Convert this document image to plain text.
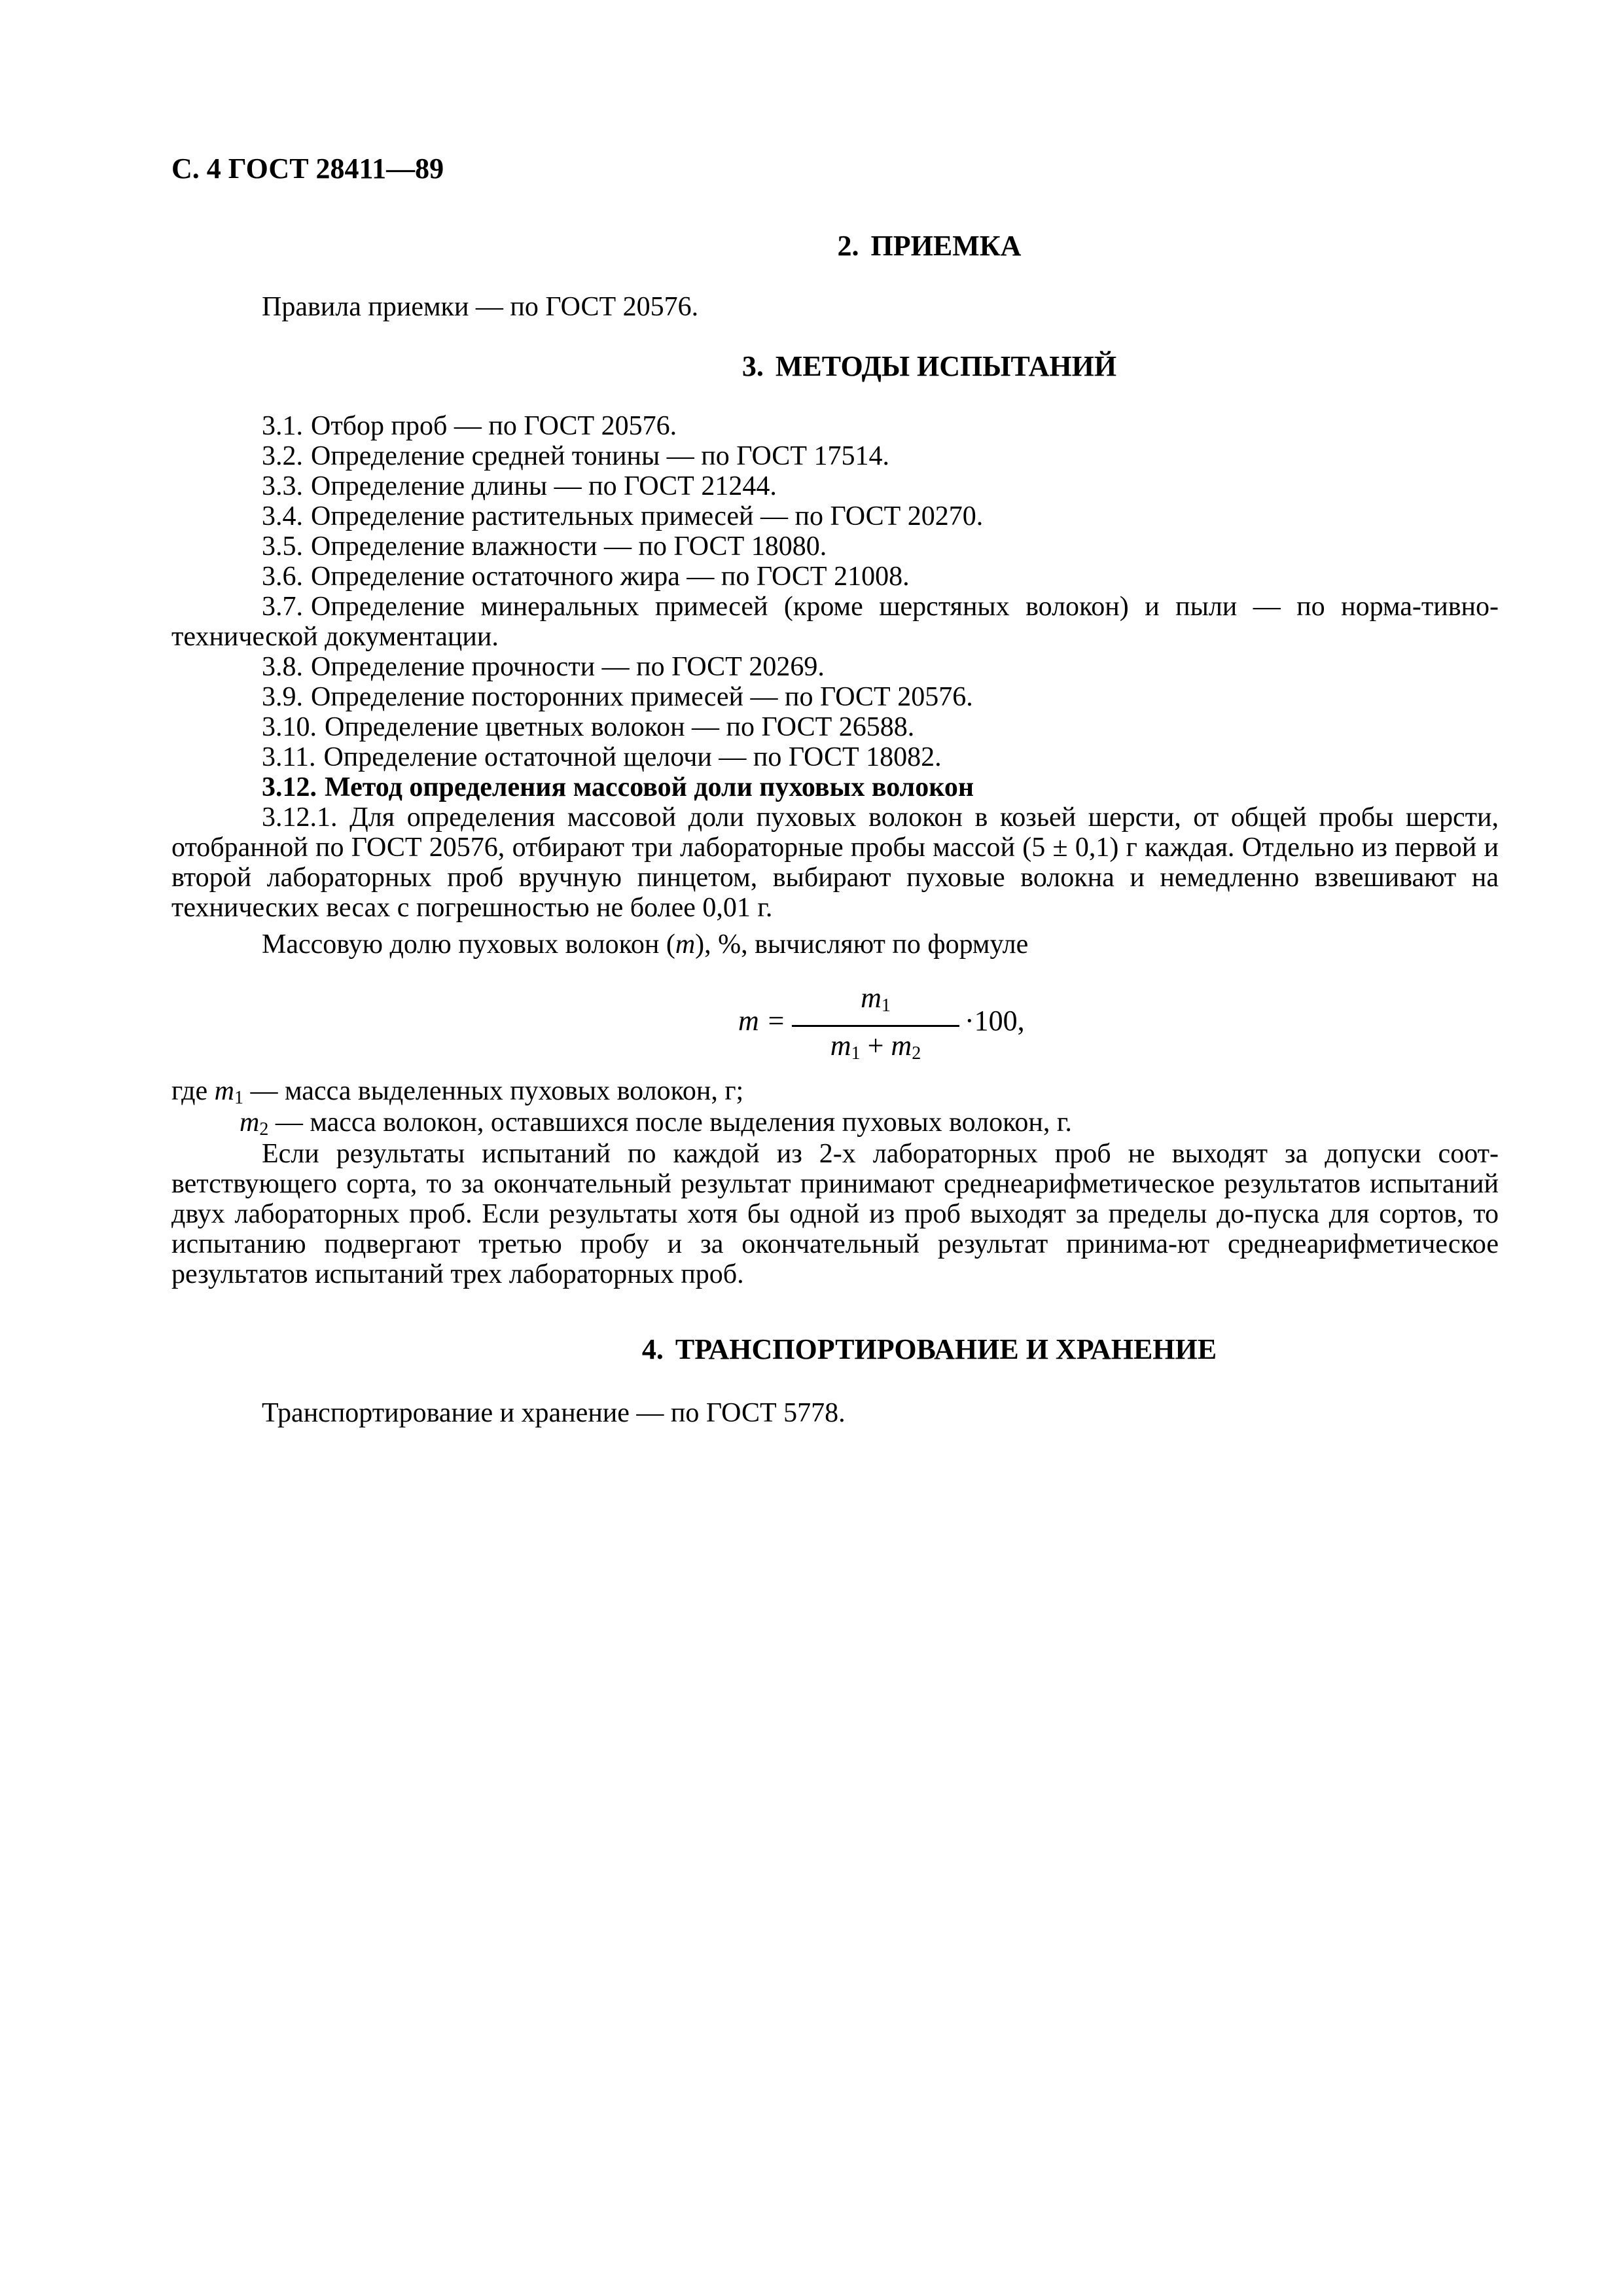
С. 4 ГОСТ 28411—89
2. ПРИЕМКА
Правила приемки — по ГОСТ 20576.
3. МЕТОДЫ ИСПЫТАНИЙ
3.1. Отбор проб — по ГОСТ 20576.
3.2. Определение средней тонины — по ГОСТ 17514.
3.3. Определение длины — по ГОСТ 21244.
3.4. Определение растительных примесей — по ГОСТ 20270.
3.5. Определение влажности — по ГОСТ 18080.
3.6. Определение остаточного жира — по ГОСТ 21008.
3.7. Определение минеральных примесей (кроме шерстяных волокон) и пыли — по норма-тивно-технической документации.
3.8. Определение прочности — по ГОСТ 20269.
3.9. Определение посторонних примесей — по ГОСТ 20576.
3.10. Определение цветных волокон — по ГОСТ 26588.
3.11. Определение остаточной щелочи — по ГОСТ 18082.
3.12. Метод определения массовой доли пуховых волокон
3.12.1. Для определения массовой доли пуховых волокон в козьей шерсти, от общей пробы шерсти, отобранной по ГОСТ 20576, отбирают три лабораторные пробы массой (5 ± 0,1) г каждая. Отдельно из первой и второй лабораторных проб вручную пинцетом, выбирают пуховые волокна и немедленно взвешивают на технических весах с погрешностью не более 0,01 г.
Массовую долю пуховых волокон (m), %, вычисляют по формуле
m =
$m_1$
$m_1 + m_2$
·100,
где $m_1$ — масса выделенных пуховых волокон, г;
$m_2$ — масса волокон, оставшихся после выделения пуховых волокон, г.
Если результаты испытаний по каждой из 2-х лабораторных проб не выходят за допуски соот-ветствующего сорта, то за окончательный результат принимают среднеарифметическое результатов испытаний двух лабораторных проб. Если результаты хотя бы одной из проб выходят за пределы до-пуска для сортов, то испытанию подвергают третью пробу и за окончательный результат принима-ют среднеарифметическое результатов испытаний трех лабораторных проб.
4. ТРАНСПОРТИРОВАНИЕ И ХРАНЕНИЕ
Транспортирование и хранение — по ГОСТ 5778.
